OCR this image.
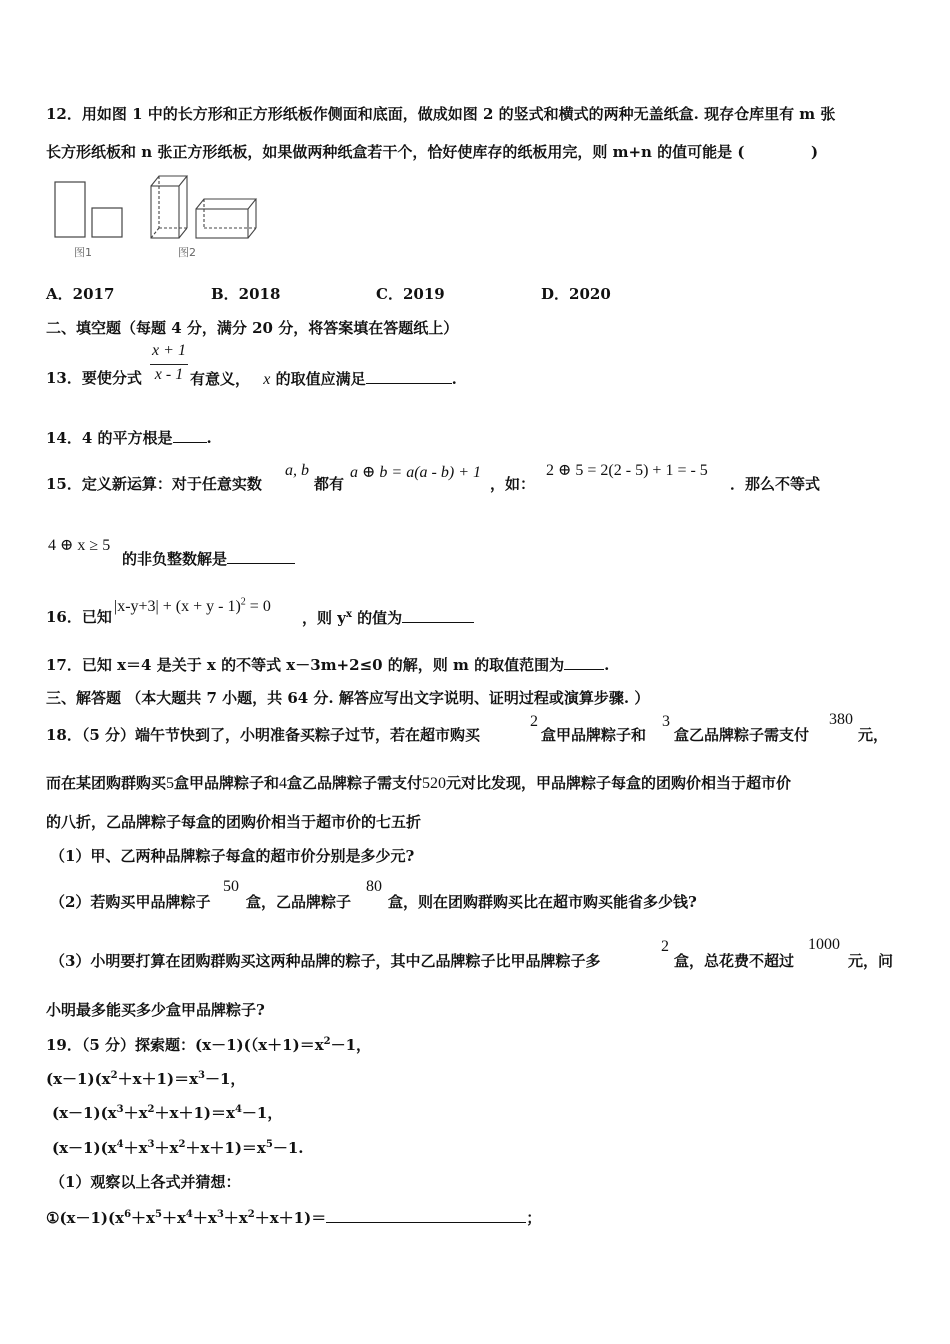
12．用如图 1 中的长方形和正方形纸板作侧面和底面，做成如图 2 的竖式和横式的两种无盖纸盒. 现存仓库里有 m 张
长方形纸板和 n 张正方形纸板，如果做两种纸盒若干个，恰好使库存的纸板用完，则 m+n 的值可能是 (	)
图1	图2
A．2017	B．2018	C．2019	D．2020
二、填空题（每题 4 分，满分 20 分，将答案填在答题纸上）
x + 1
x - 1
13．要使分式	有意义， x 的取值应满足	.
14．4 的平方根是 .
15．定义新运算：对于任意实数
a, b
都有
a ⊕ b = a(a - b) + 1
，如：
2 ⊕ 5 = 2(2 - 5) + 1 = - 5
．那么不等式
4 ⊕ x ≥ 5
的非负整数解是
16．已知
$|x-y+3| + (x + y - 1)^2 = 0$
，则 $y^x$ 的值为
17．已知 x＝4 是关于 x 的不等式 x－3m+2≤0 的解，则 m 的取值范围为	.
三、解答题 （本大题共 7 小题，共 64 分. 解答应写出文字说明、证明过程或演算步骤. ）
18．（5 分）端午节快到了，小明准备买粽子过节，若在超市购买
2
盒甲品牌粽子和
3
盒乙品牌粽子需支付
380
元，
而在某团购群购买5盒甲品牌粽子和4盒乙品牌粽子需支付520元对比发现，甲品牌粽子每盒的团购价相当于超市价
的八折，乙品牌粽子每盒的团购价相当于超市价的七五折
（1）甲、乙两种品牌粽子每盒的超市价分别是多少元?
（2）若购买甲品牌粽子
50
盒，乙品牌粽子
80
盒，则在团购群购买比在超市购买能省多少钱?
（3）小明要打算在团购群购买这两种品牌的粽子，其中乙品牌粽子比甲品牌粽子多
2
盒，总花费不超过
1000
元，问
小明最多能买多少盒甲品牌粽子?
19．（5 分）探索题：$(x-1)((x+1)=x^2-1$，
$(x-1)(x^2+x+1)=x^3-1$，
$(x-1)(x^3+x^2+x+1)=x^4-1$，
$(x-1)(x^4+x^3+x^2+x+1)=x^5-1$.
（1）观察以上各式并猜想：
$①(x-1)(x^6+x^5+x^4+x^3+x^2+x+1)=$	；
